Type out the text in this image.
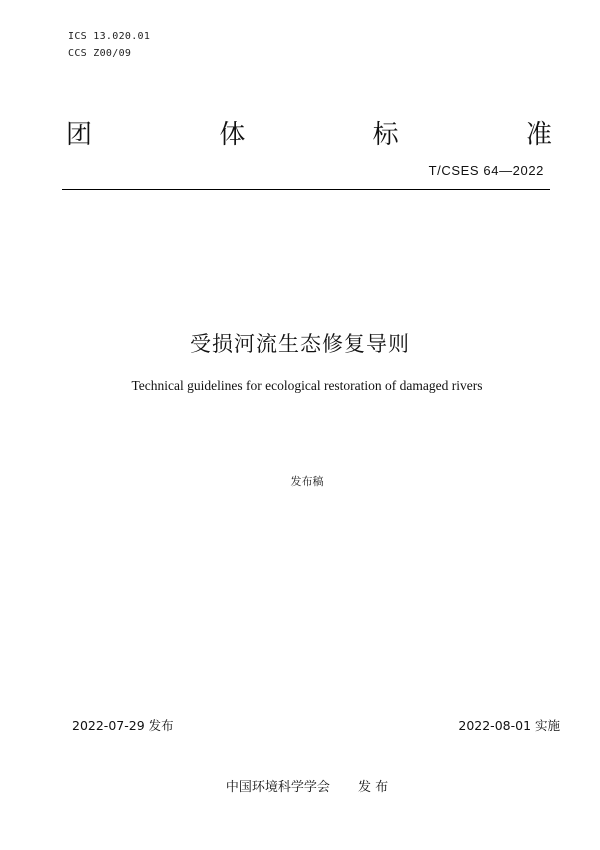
ICS 13.020.01
CCS Z00/09
团	体	标	准
T/CSES 64—2022
受损河流生态修复导则
Technical guidelines for ecological restoration of damaged rivers
发布稿
2022-07-29 发布	2022-08-01 实施
中国环境科学学会 发 布
